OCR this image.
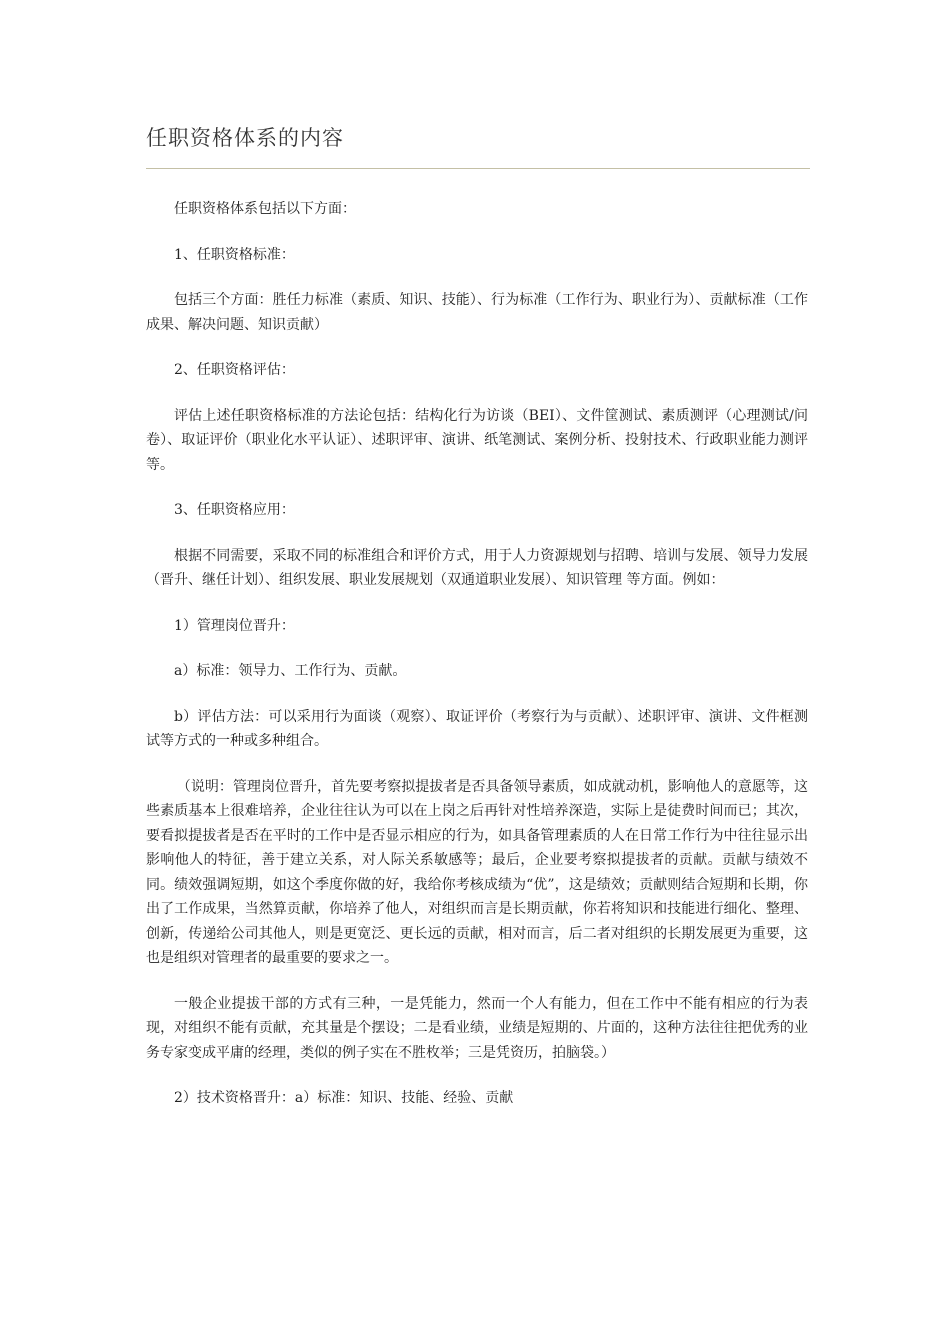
任职资格体系的内容

任职资格体系包括以下方面：

1、任职资格标准：

包括三个方面：胜任力标准（素质、知识、技能）、行为标准（工作行为、职业行为）、贡献标准（工作成果、解决问题、知识贡献）

2、任职资格评估：

评估上述任职资格标准的方法论包括：结构化行为访谈（BEI）、文件筐测试、素质测评（心理测试/问卷）、取证评价（职业化水平认证）、述职评审、演讲、纸笔测试、案例分析、投射技术、行政职业能力测评等。

3、任职资格应用：

根据不同需要，采取不同的标准组合和评价方式，用于人力资源规划与招聘、培训与发展、领导力发展（晋升、继任计划）、组织发展、职业发展规划（双通道职业发展）、知识管理 等方面。例如：

1）管理岗位晋升：

a）标准：领导力、工作行为、贡献。

b）评估方法：可以采用行为面谈（观察）、取证评价（考察行为与贡献）、述职评审、演讲、文件框测试等方式的一种或多种组合。

（说明：管理岗位晋升，首先要考察拟提拔者是否具备领导素质，如成就动机，影响他人的意愿等，这些素质基本上很难培养，企业往往认为可以在上岗之后再针对性培养深造，实际上是徒费时间而已；其次，要看拟提拔者是否在平时的工作中是否显示相应的行为，如具备管理素质的人在日常工作行为中往往显示出影响他人的特征，善于建立关系，对人际关系敏感等；最后，企业要考察拟提拔者的贡献。贡献与绩效不同。绩效强调短期，如这个季度你做的好，我给你考核成绩为“优”，这是绩效；贡献则结合短期和长期，你出了工作成果，当然算贡献，你培养了他人，对组织而言是长期贡献，你若将知识和技能进行细化、整理、创新，传递给公司其他人，则是更宽泛、更长远的贡献，相对而言，后二者对组织的长期发展更为重要，这也是组织对管理者的最重要的要求之一。

一般企业提拔干部的方式有三种，一是凭能力，然而一个人有能力，但在工作中不能有相应的行为表现，对组织不能有贡献，充其量是个摆设；二是看业绩，业绩是短期的、片面的，这种方法往往把优秀的业务专家变成平庸的经理，类似的例子实在不胜枚举；三是凭资历，拍脑袋。）

2）技术资格晋升：a）标准：知识、技能、经验、贡献
